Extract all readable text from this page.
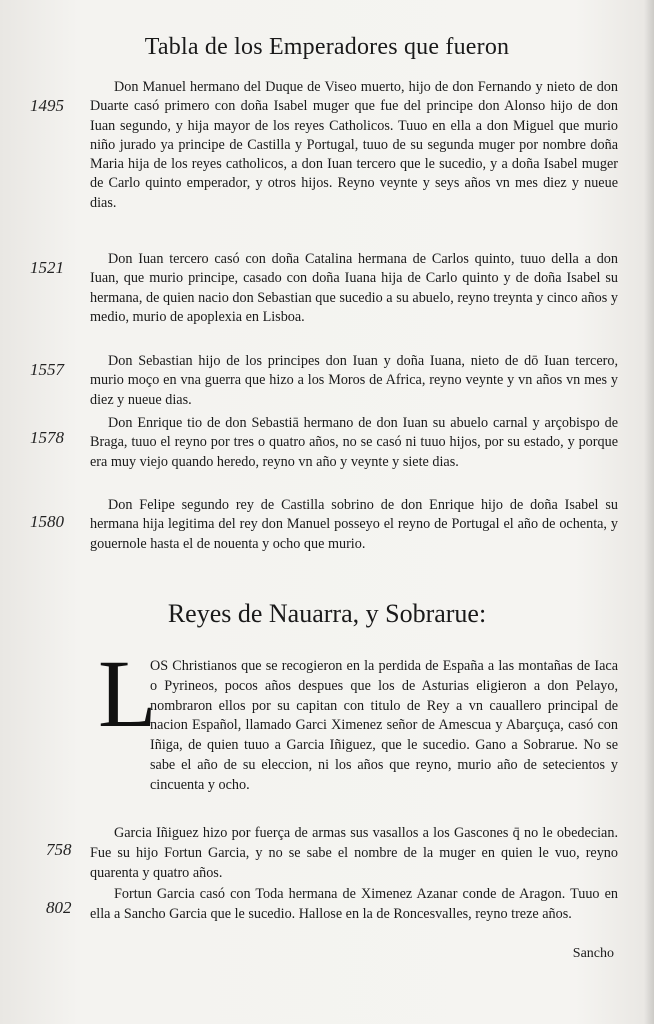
Tabla de los Emperadores que fueron
1495

Don Manuel hermano del Duque de Viseo muerto, hijo de don Fernando y nieto de don Duarte casó primero con doña Isabel muger que fue del principe don Alonso hijo de don Iuan segundo, y hija mayor de los reyes Catholicos. Tuuo en ella a don Miguel que murio niño jurado ya principe de Castilla y Portugal, tuuo de su segunda muger por nombre doña Maria hija de los reyes catholicos, a don Iuan tercero que le sucedio, y a doña Isabel muger de Carlo quinto emperador, y otros hijos. Reyno veynte y seys años vn mes diez y nueue dias.

1521	Don Iuan tercero casó con doña Catalina hermana de Carlos quinto, tuuo della a don Iuan, que murio principe, casado con doña Iuana hija de Carlo quinto y de doña Isabel su hermana, de quien nacio don Sebastian que sucedio a su abuelo, reyno treynta y cinco años y medio, murio de apoplexia en Lisboa.

1557	Don Sebastian hijo de los principes don Iuan y doña Iuana, nieto de dō Iuan tercero, murio moço en vna guerra que hizo a los Moros de Africa, reyno veynte y vn años vn mes y diez y nueue dias.

1578

Don Enrique tio de don Sebastiā hermano de don Iuan su abuelo carnal y arçobispo de Braga, tuuo el reyno por tres o quatro años, no se casó ni tuuo hijos, por su estado, y porque era muy viejo quando heredo, reyno vn año y veynte y siete dias.

1580

Don Felipe segundo rey de Castilla sobrino de don Enrique hijo de doña Isabel su hermana hija legitima del rey don Manuel posseyo el reyno de Portugal el año de ochenta, y gouernole hasta el de nouenta y ocho que murio.

Reyes de Nauarra, y Sobrarue:
L

OS Christianos que se recogieron en la perdida de España a las montañas de Iaca o Pyrineos, pocos años despues que los de Asturias eligieron a don Pelayo, nombraron ellos por su capitan con titulo de Rey a vn cauallero principal de nacion Español, llamado Garci Ximenez señor de Amescua y Abarçuça, casó con Iñiga, de quien tuuo a Garcia Iñiguez, que le sucedio. Gano a Sobrarue. No se sabe el año de su eleccion, ni los años que reyno, murio año de setecientos y cincuenta y ocho.

758

Garcia Iñiguez hizo por fuerça de armas sus vasallos a los Gascones q̄ no le obedecian. Fue su hijo Fortun Garcia, y no se sabe el nombre de la muger en quien le vuo, reyno quarenta y quatro años.

802

Fortun Garcia casó con Toda hermana de Ximenez Azanar conde de Aragon. Tuuo en ella a Sancho Garcia que le sucedio. Hallose en la de Roncesvalles, reyno treze años.

Sancho
